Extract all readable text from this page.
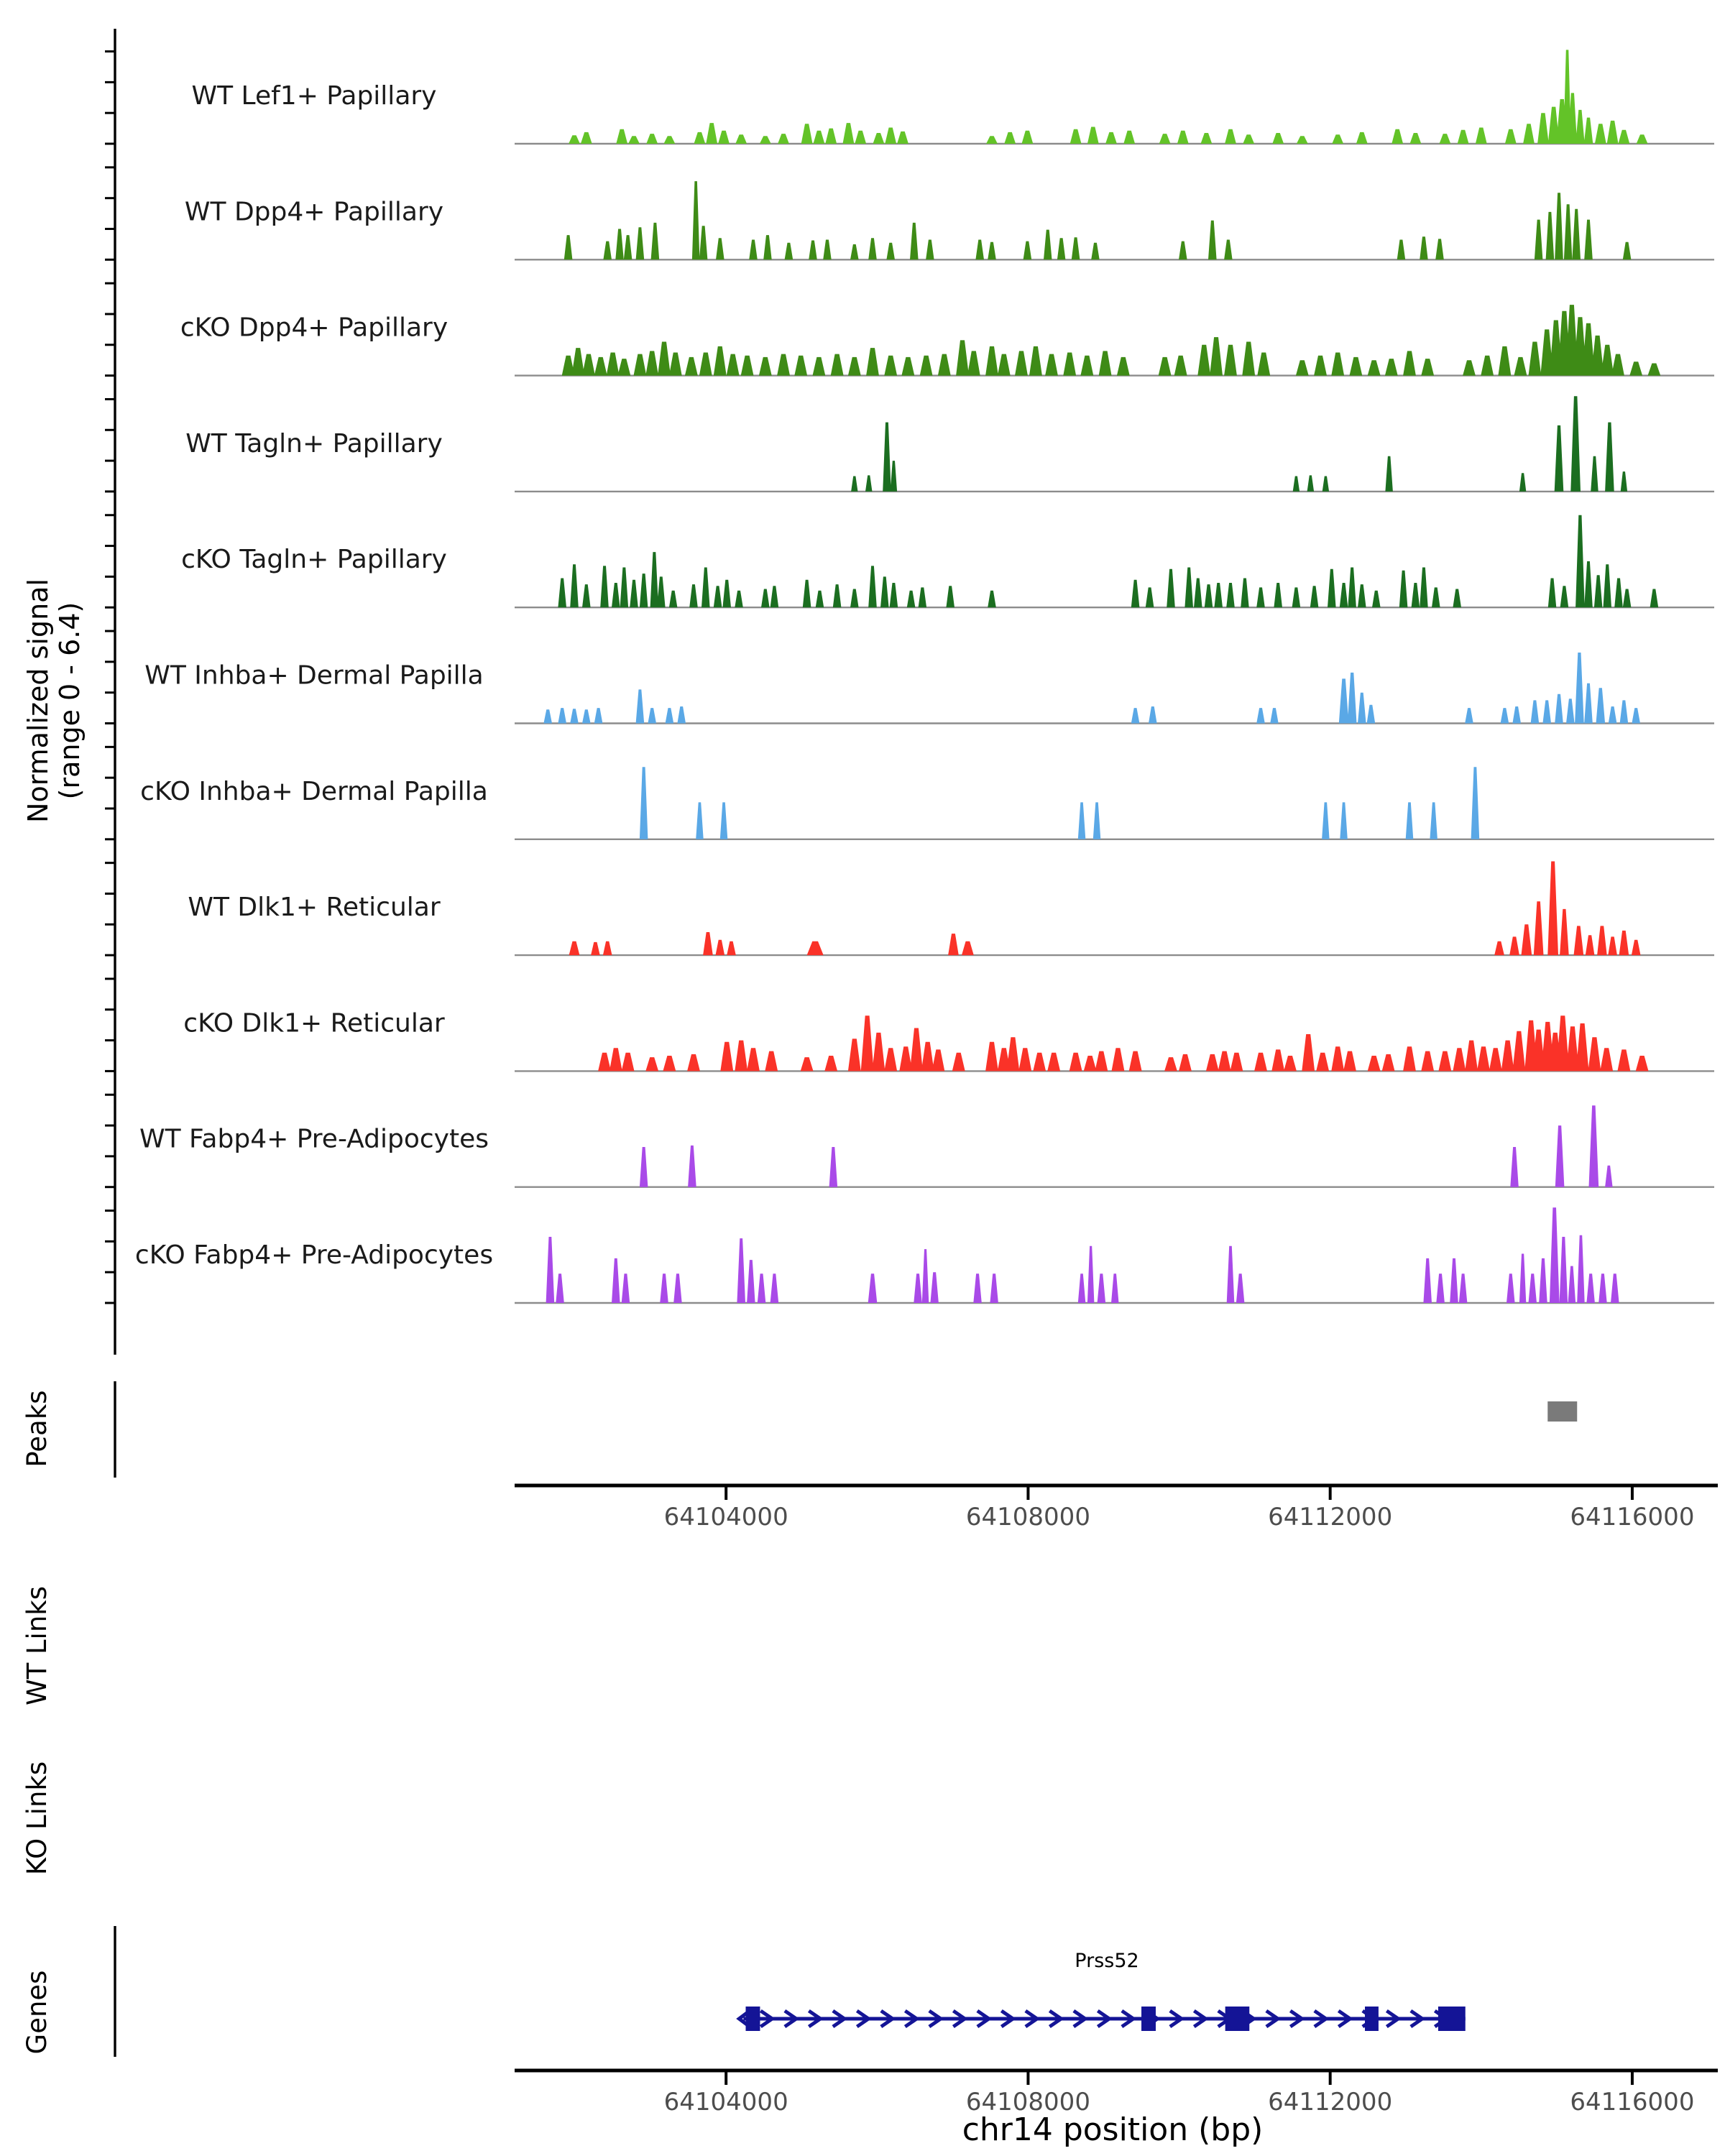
Normalized signal (range 0 - 6.4)
Peaks
WT Links
KO Links
Genes
Prss52
chr14 position (bp)
WT Lef1+ Papillary
WT Dpp4+ Papillary
cKO Dpp4+ Papillary
WT Tagln+ Papillary
cKO Tagln+ Papillary
WT Inhba+ Dermal Papilla
cKO Inhba+ Dermal Papilla
WT Dlk1+ Reticular
cKO Dlk1+ Reticular
WT Fabp4+ Pre-Adipocytes
cKO Fabp4+ Pre-Adipocytes
64104000	64108000	64112000	64116000
64104000	64108000	64112000	64116000
